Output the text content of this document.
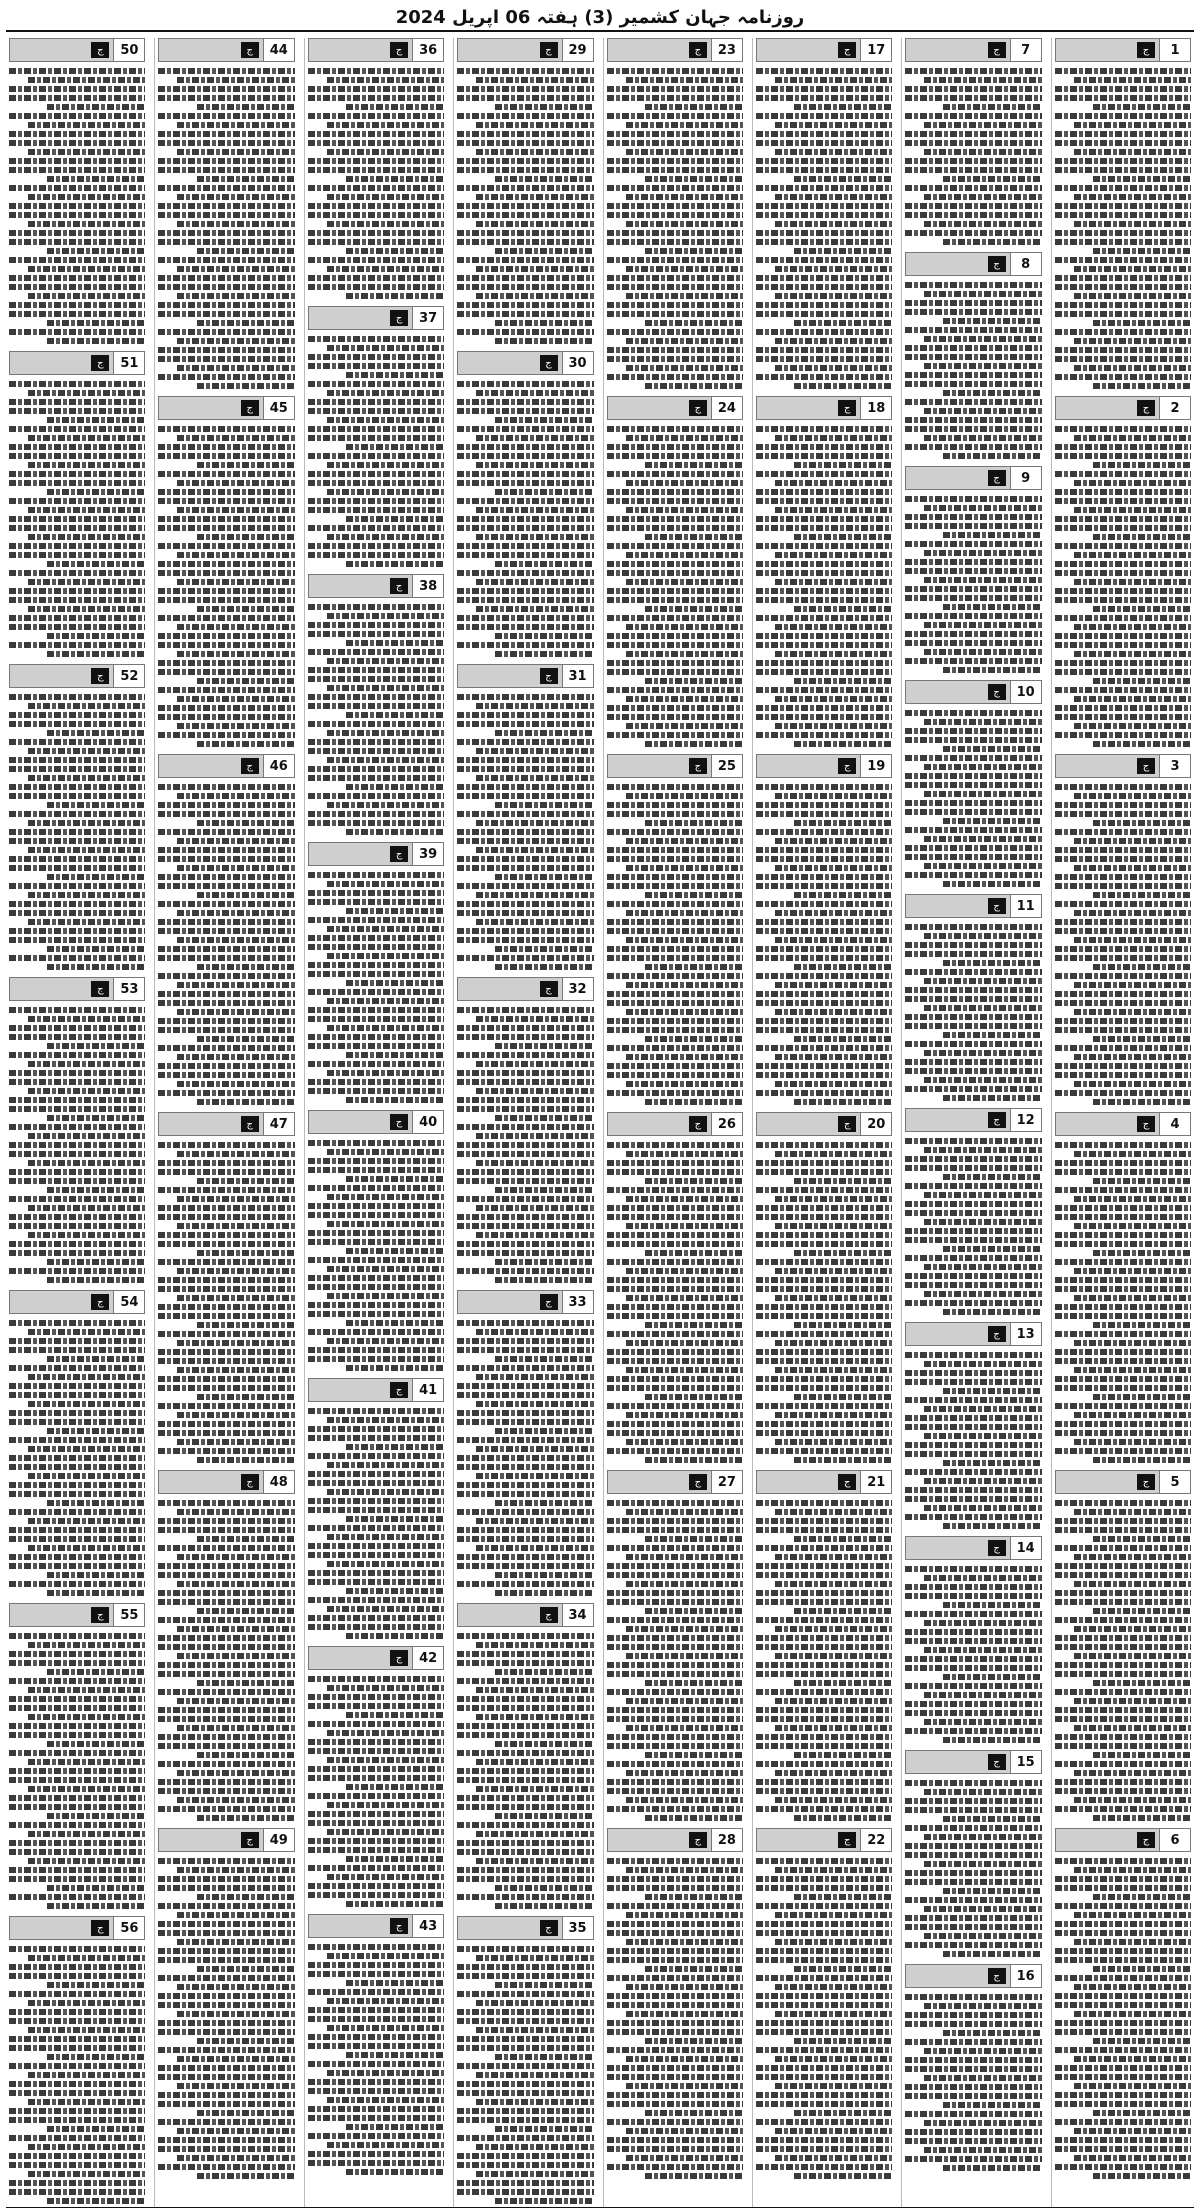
روزنامہ جہان کشمیر (3) ہفتہ 06 اپریل 2024
1
ج
2
ج
3
ج
4
ج
5
ج
6
ج
7
ج
8
ج
9
ج
10
ج
11
ج
12
ج
13
ج
14
ج
15
ج
16
ج
17
ج
18
ج
19
ج
20
ج
21
ج
22
ج
23
ج
24
ج
25
ج
26
ج
27
ج
28
ج
29
ج
30
ج
31
ج
32
ج
33
ج
34
ج
35
ج
36
ج
37
ج
38
ج
39
ج
40
ج
41
ج
42
ج
43
ج
44
ج
45
ج
46
ج
47
ج
48
ج
49
ج
50
ج
51
ج
52
ج
53
ج
54
ج
55
ج
56
ج
